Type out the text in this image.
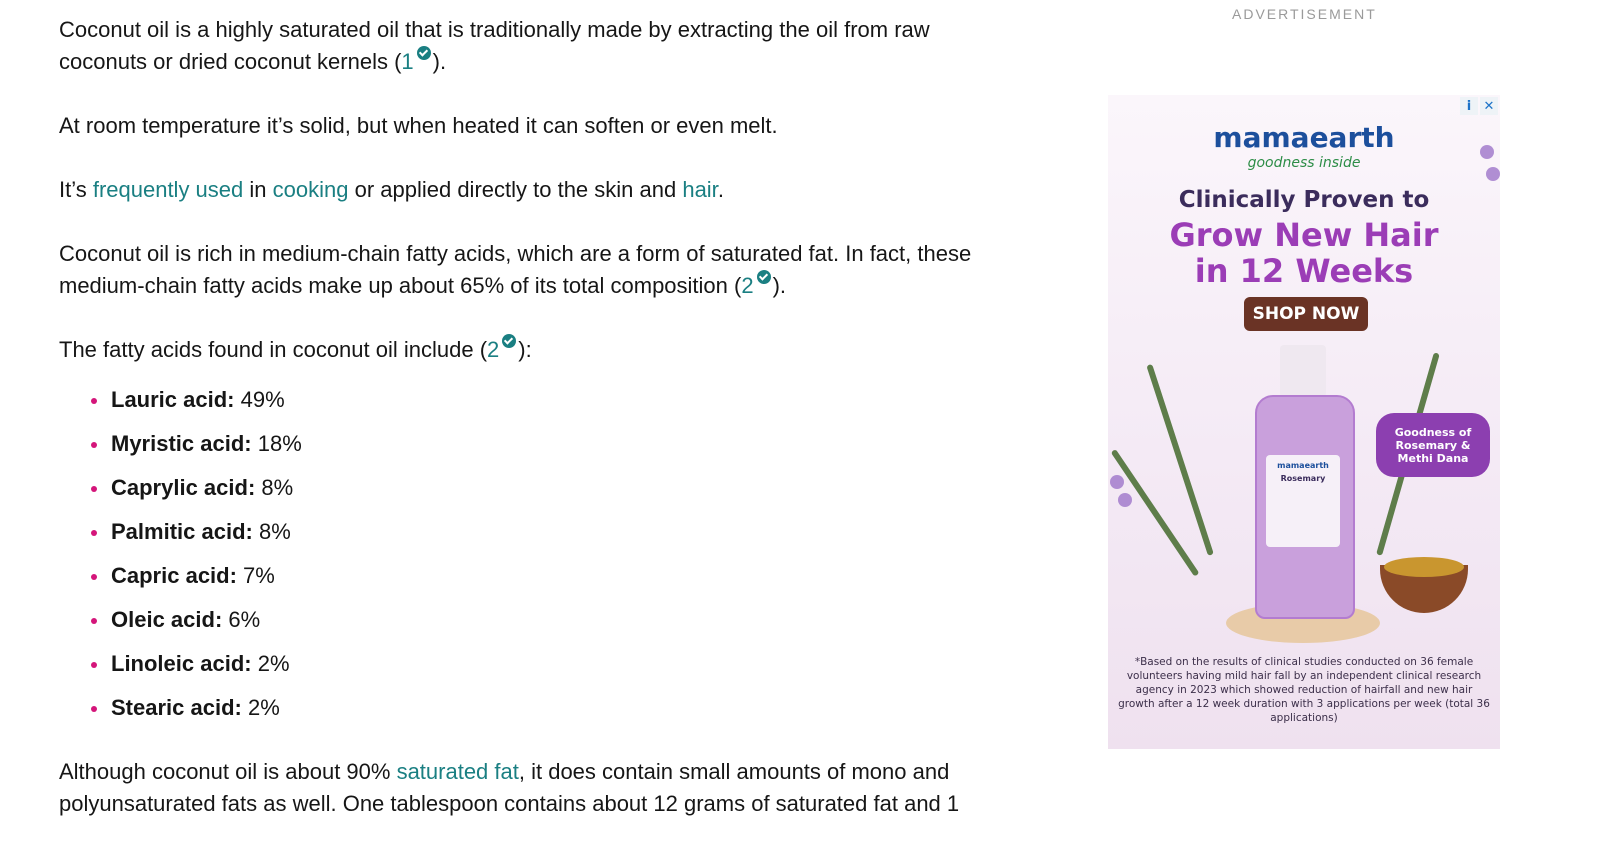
Coconut oil is a highly saturated oil that is traditionally made by extracting the oil from raw coconuts or dried coconut kernels (1 ).

At room temperature it’s solid, but when heated it can soften or even melt.

It’s frequently used in cooking or applied directly to the skin and hair.

Coconut oil is rich in medium-chain fatty acids, which are a form of saturated fat. In fact, these medium-chain fatty acids make up about 65% of its total composition (2 ).

The fatty acids found in coconut oil include (2 ):

Lauric acid: 49%
Myristic acid: 18%
Caprylic acid: 8%
Palmitic acid: 8%
Capric acid: 7%
Oleic acid: 6%
Linoleic acid: 2%
Stearic acid: 2%

Although coconut oil is about 90% saturated fat, it does contain small amounts of mono and polyunsaturated fats as well. One tablespoon contains about 12 grams of saturated fat and 1

ADVERTISEMENT
i ✕
mamaearth
goodness inside
Clinically Proven to
Grow New Hair
in 12 Weeks
SHOP NOW
mamaearth
Rosemary
Goodness of Rosemary & Methi Dana
*Based on the results of clinical studies conducted on 36 female volunteers having mild hair fall by an independent clinical research agency in 2023 which showed reduction of hairfall and new hair growth after a 12 week duration with 3 applications per week (total 36 applications)
